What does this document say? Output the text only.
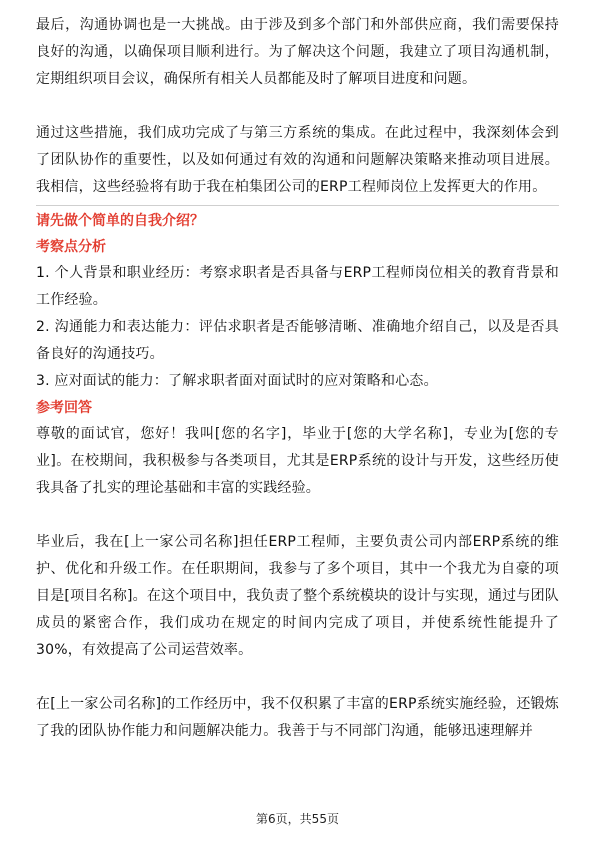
最后，沟通协调也是一大挑战。由于涉及到多个部门和外部供应商，我们需要保持良好的沟通，以确保项目顺利进行。为了解决这个问题，我建立了项目沟通机制，定期组织项目会议，确保所有相关人员都能及时了解项目进度和问题。

通过这些措施，我们成功完成了与第三方系统的集成。在此过程中，我深刻体会到了团队协作的重要性，以及如何通过有效的沟通和问题解决策略来推动项目进展。我相信，这些经验将有助于我在柏集团公司的ERP工程师岗位上发挥更大的作用。

请先做个简单的自我介绍？
考察点分析

1. 个人背景和职业经历：考察求职者是否具备与ERP工程师岗位相关的教育背景和工作经验。

2. 沟通能力和表达能力：评估求职者是否能够清晰、准确地介绍自己，以及是否具备良好的沟通技巧。

3. 应对面试的能力：了解求职者面对面试时的应对策略和心态。

参考回答

尊敬的面试官，您好！我叫[您的名字]，毕业于[您的大学名称]，专业为[您的专业]。在校期间，我积极参与各类项目，尤其是ERP系统的设计与开发，这些经历使我具备了扎实的理论基础和丰富的实践经验。

毕业后，我在[上一家公司名称]担任ERP工程师，主要负责公司内部ERP系统的维护、优化和升级工作。在任职期间，我参与了多个项目，其中一个我尤为自豪的项目是[项目名称]。在这个项目中，我负责了整个系统模块的设计与实现，通过与团队成员的紧密合作，我们成功在规定的时间内完成了项目，并使系统性能提升了30%，有效提高了公司运营效率。

在[上一家公司名称]的工作经历中，我不仅积累了丰富的ERP系统实施经验，还锻炼了我的团队协作能力和问题解决能力。我善于与不同部门沟通，能够迅速理解并

第6页，共55页
